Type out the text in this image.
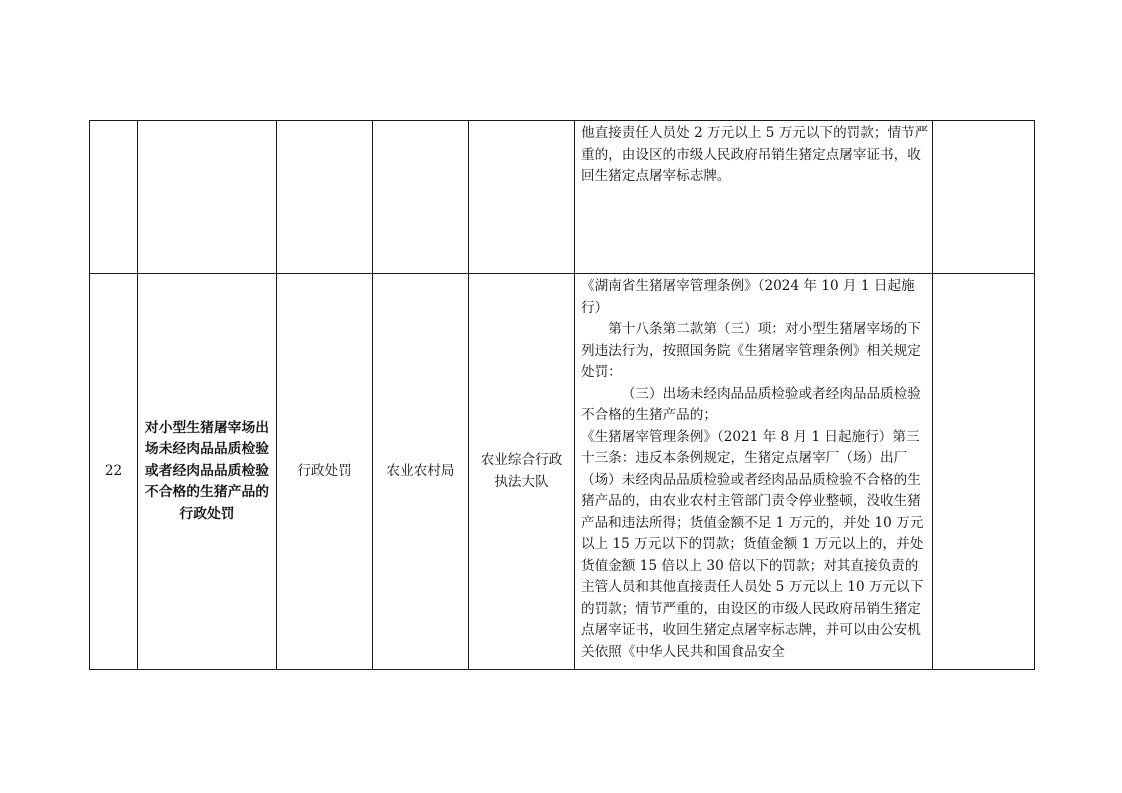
					他直接责任人员处 2 万元以上 5 万元以下的罚款；情节严重的，由设区的市级人民政府吊销生猪定点屠宰证书，收回生猪定点屠宰标志牌。	

22	对小型生猪屠宰场出场未经肉品品质检验或者经肉品品质检验不合格的生猪产品的行政处罚	行政处罚	农业农村局	农业综合行政执法大队	《湖南省生猪屠宰管理条例》（2024 年 10 月 1 日起施行）
第十八条第二款第（三）项：对小型生猪屠宰场的下列违法行为，按照国务院《生猪屠宰管理条例》相关规定处罚：
（三）出场未经肉品品质检验或者经肉品品质检验不合格的生猪产品的；
《生猪屠宰管理条例》（2021 年 8 月 1 日起施行）第三十三条：违反本条例规定，生猪定点屠宰厂（场）出厂（场）未经肉品品质检验或者经肉品品质检验不合格的生猪产品的，由农业农村主管部门责令停业整顿，没收生猪产品和违法所得；货值金额不足 1 万元的，并处 10 万元以上 15 万元以下的罚款；货值金额 1 万元以上的，并处货值金额 15 倍以上 30 倍以下的罚款；对其直接负责的主管人员和其他直接责任人员处 5 万元以上 10 万元以下的罚款；情节严重的，由设区的市级人民政府吊销生猪定点屠宰证书，收回生猪定点屠宰标志牌，并可以由公安机关依照《中华人民共和国食品安全	
